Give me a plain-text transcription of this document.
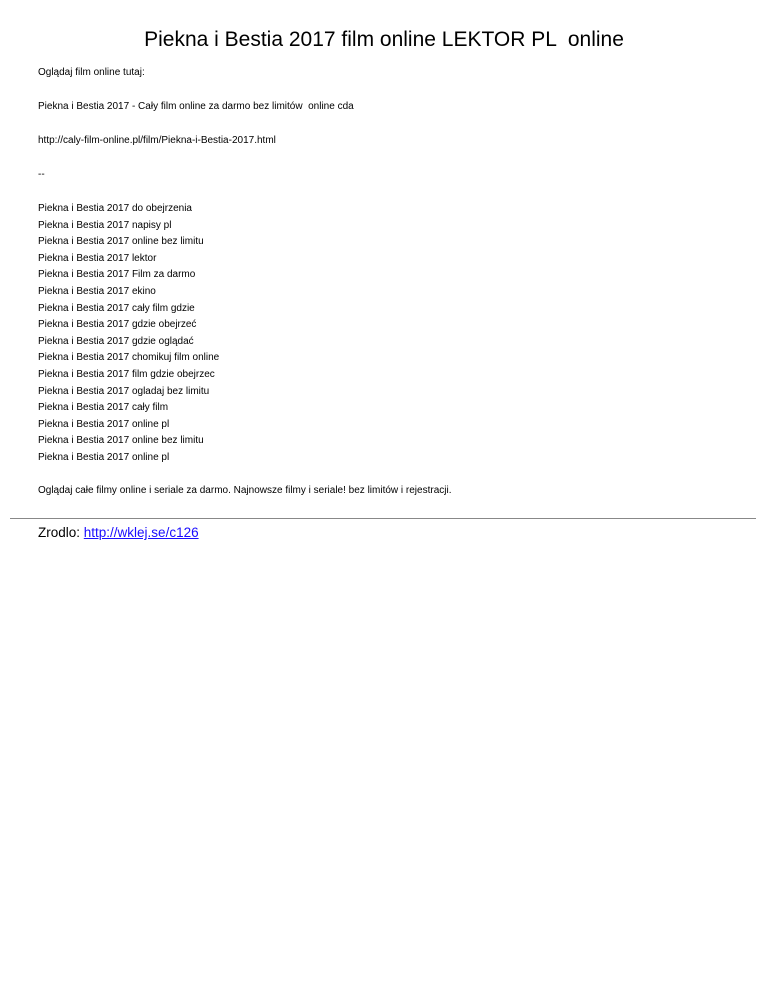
Piekna i Bestia 2017 film online LEKTOR PL  online

Oglądaj film online tutaj:

Piekna i Bestia 2017 - Cały film online za darmo bez limitów  online cda

http://caly-film-online.pl/film/Piekna-i-Bestia-2017.html

--

Piekna i Bestia 2017 do obejrzenia
Piekna i Bestia 2017 napisy pl
Piekna i Bestia 2017 online bez limitu
Piekna i Bestia 2017 lektor
Piekna i Bestia 2017 Film za darmo
Piekna i Bestia 2017 ekino
Piekna i Bestia 2017 cały film gdzie
Piekna i Bestia 2017 gdzie obejrzeć
Piekna i Bestia 2017 gdzie oglądać
Piekna i Bestia 2017 chomikuj film online
Piekna i Bestia 2017 film gdzie obejrzec
Piekna i Bestia 2017 ogladaj bez limitu
Piekna i Bestia 2017 cały film
Piekna i Bestia 2017 online pl
Piekna i Bestia 2017 online bez limitu
Piekna i Bestia 2017 online pl

Oglądaj całe filmy online i seriale za darmo. Najnowsze filmy i seriale! bez limitów i rejestracji.

Zrodlo: http://wklej.se/c126
